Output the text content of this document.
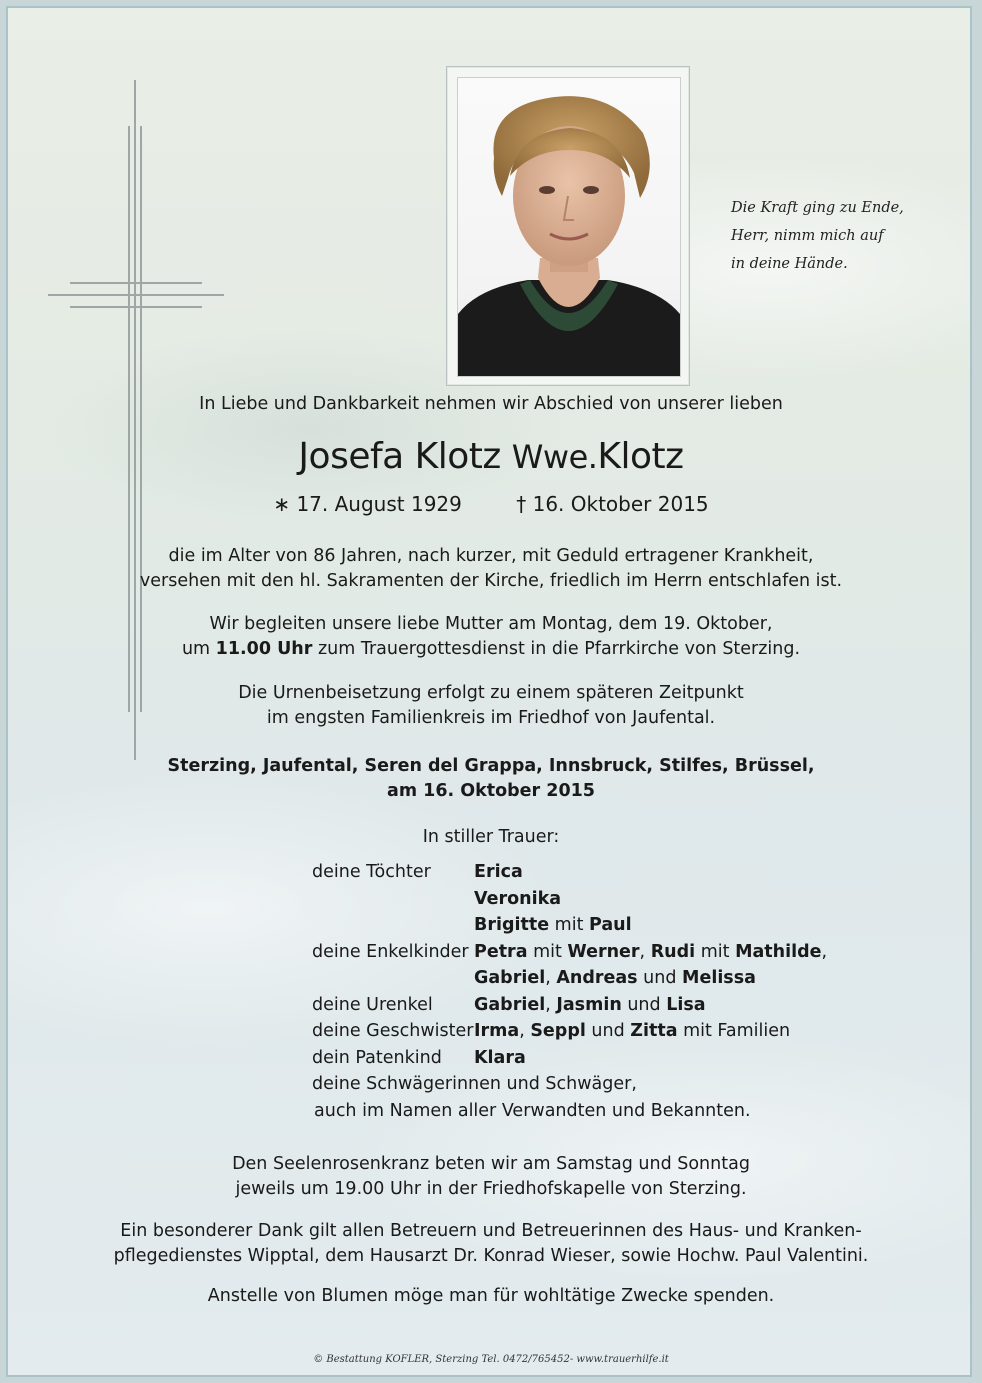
Die Kraft ging zu Ende,
Herr, nimm mich auf
in deine Hände.
In Liebe und Dankbarkeit nehmen wir Abschied von unserer lieben
Josefa Klotz Wwe.Klotz
∗ 17. August 1929	† 16. Oktober 2015
die im Alter von 86 Jahren, nach kurzer, mit Geduld ertragener Krankheit,
versehen mit den hl. Sakramenten der Kirche, friedlich im Herrn entschlafen ist.
Wir begleiten unsere liebe Mutter am Montag, dem 19. Oktober,
um 11.00 Uhr zum Trauergottesdienst in die Pfarrkirche von Sterzing.
Die Urnenbeisetzung erfolgt zu einem späteren Zeitpunkt
im engsten Familienkreis im Friedhof von Jaufental.
Sterzing, Jaufental, Seren del Grappa, Innsbruck, Stilfes, Brüssel,
am 16. Oktober 2015
In stiller Trauer:
deine Töchter	Erica
Veronika
Brigitte mit Paul
deine Enkelkinder Petra mit Werner , Rudi mit Mathilde ,
Gabriel , Andreas und Melissa
deine Urenkel	Gabriel , Jasmin und Lisa
deine Geschwister Irma , Seppl und Zitta mit Familien
dein Patenkind	Klara
deine Schwägerinnen und Schwäger,
auch im Namen aller Verwandten und Bekannten.
Den Seelenrosenkranz beten wir am Samstag und Sonntag
jeweils um 19.00 Uhr in der Friedhofskapelle von Sterzing.
Ein besonderer Dank gilt allen Betreuern und Betreuerinnen des Haus- und Kranken-
pflegedienstes Wipptal, dem Hausarzt Dr. Konrad Wieser, sowie Hochw. Paul Valentini.
Anstelle von Blumen möge man für wohltätige Zwecke spenden.
© Bestattung KOFLER, Sterzing Tel. 0472/765452- www.trauerhilfe.it
